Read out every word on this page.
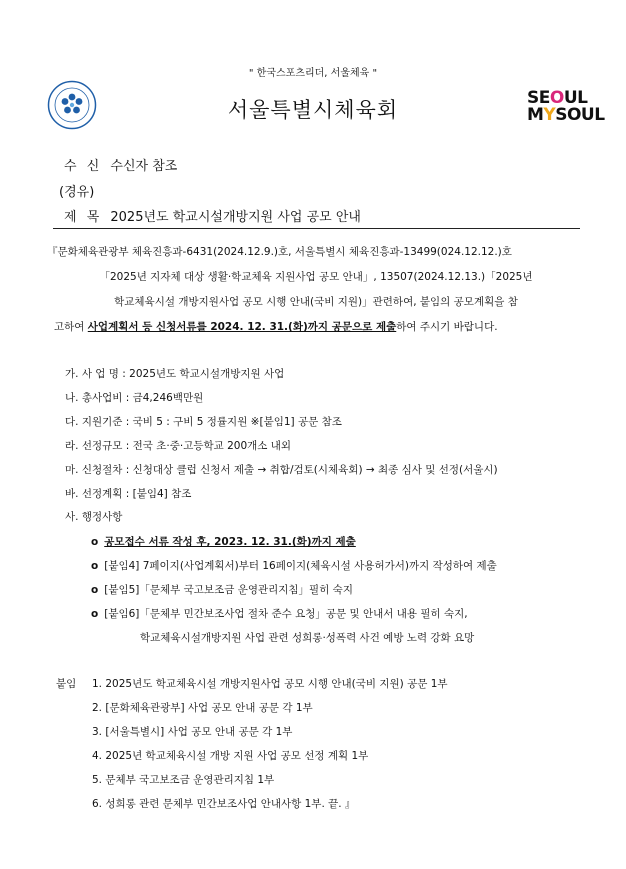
" 한국스포츠리더, 서울체육 "
서울특별시체육회	SEOUL
MYSOUL
수 신 수신자 참조
(경유)
제 목 2025년도 학교시설개방지원 사업 공모 안내
『문화체육관광부 체육진흥과-6431(2024.12.9.)호, 서울특별시 체육진흥과-13499(024.12.12.)호
「2025년 지자체 대상 생활·학교체육 지원사업 공모 안내」, 13507(2024.12.13.)「2025년
학교체육시설 개방지원사업 공모 시행 안내(국비 지원)」관련하여, 붙임의 공모계획을 참
고하여 사업계획서 등 신청서류를 2024. 12. 31.(화)까지 공문으로 제출하여 주시기 바랍니다.
가. 사 업 명 : 2025년도 학교시설개방지원 사업
나. 총사업비 : 금4,246백만원
다. 지원기준 : 국비 5 : 구비 5 정률지원 ※[붙임1] 공문 참조
라. 선정규모 : 전국 초·중·고등학교 200개소 내외
마. 신청절차 : 신청대상 클럽 신청서 제출 → 취합/검토(시체육회) → 최종 심사 및 선정(서울시)
바. 선정계획 : [붙임4] 참조
사. 행정사항
o 공모접수 서류 작성 후, 2023. 12. 31.(화)까지 제출
o [붙임4] 7페이지(사업계획서)부터 16페이지(체육시설 사용허가서)까지 작성하여 제출
o [붙임5]「문체부 국고보조금 운영관리지침」필히 숙지
o [붙임6]「문체부 민간보조사업 절차 준수 요청」공문 및 안내서 내용 필히 숙지,
학교체육시설개방지원 사업 관련 성희롱·성폭력 사건 예방 노력 강화 요망
붙임 1. 2025년도 학교체육시설 개방지원사업 공모 시행 안내(국비 지원) 공문 1부
2. [문화체육관광부] 사업 공모 안내 공문 각 1부
3. [서울특별시] 사업 공모 안내 공문 각 1부
4. 2025년 학교체육시설 개방 지원 사업 공모 선정 계획 1부
5. 문체부 국고보조금 운영관리지침 1부
6. 성희롱 관련 문체부 민간보조사업 안내사항 1부. 끝. 』
